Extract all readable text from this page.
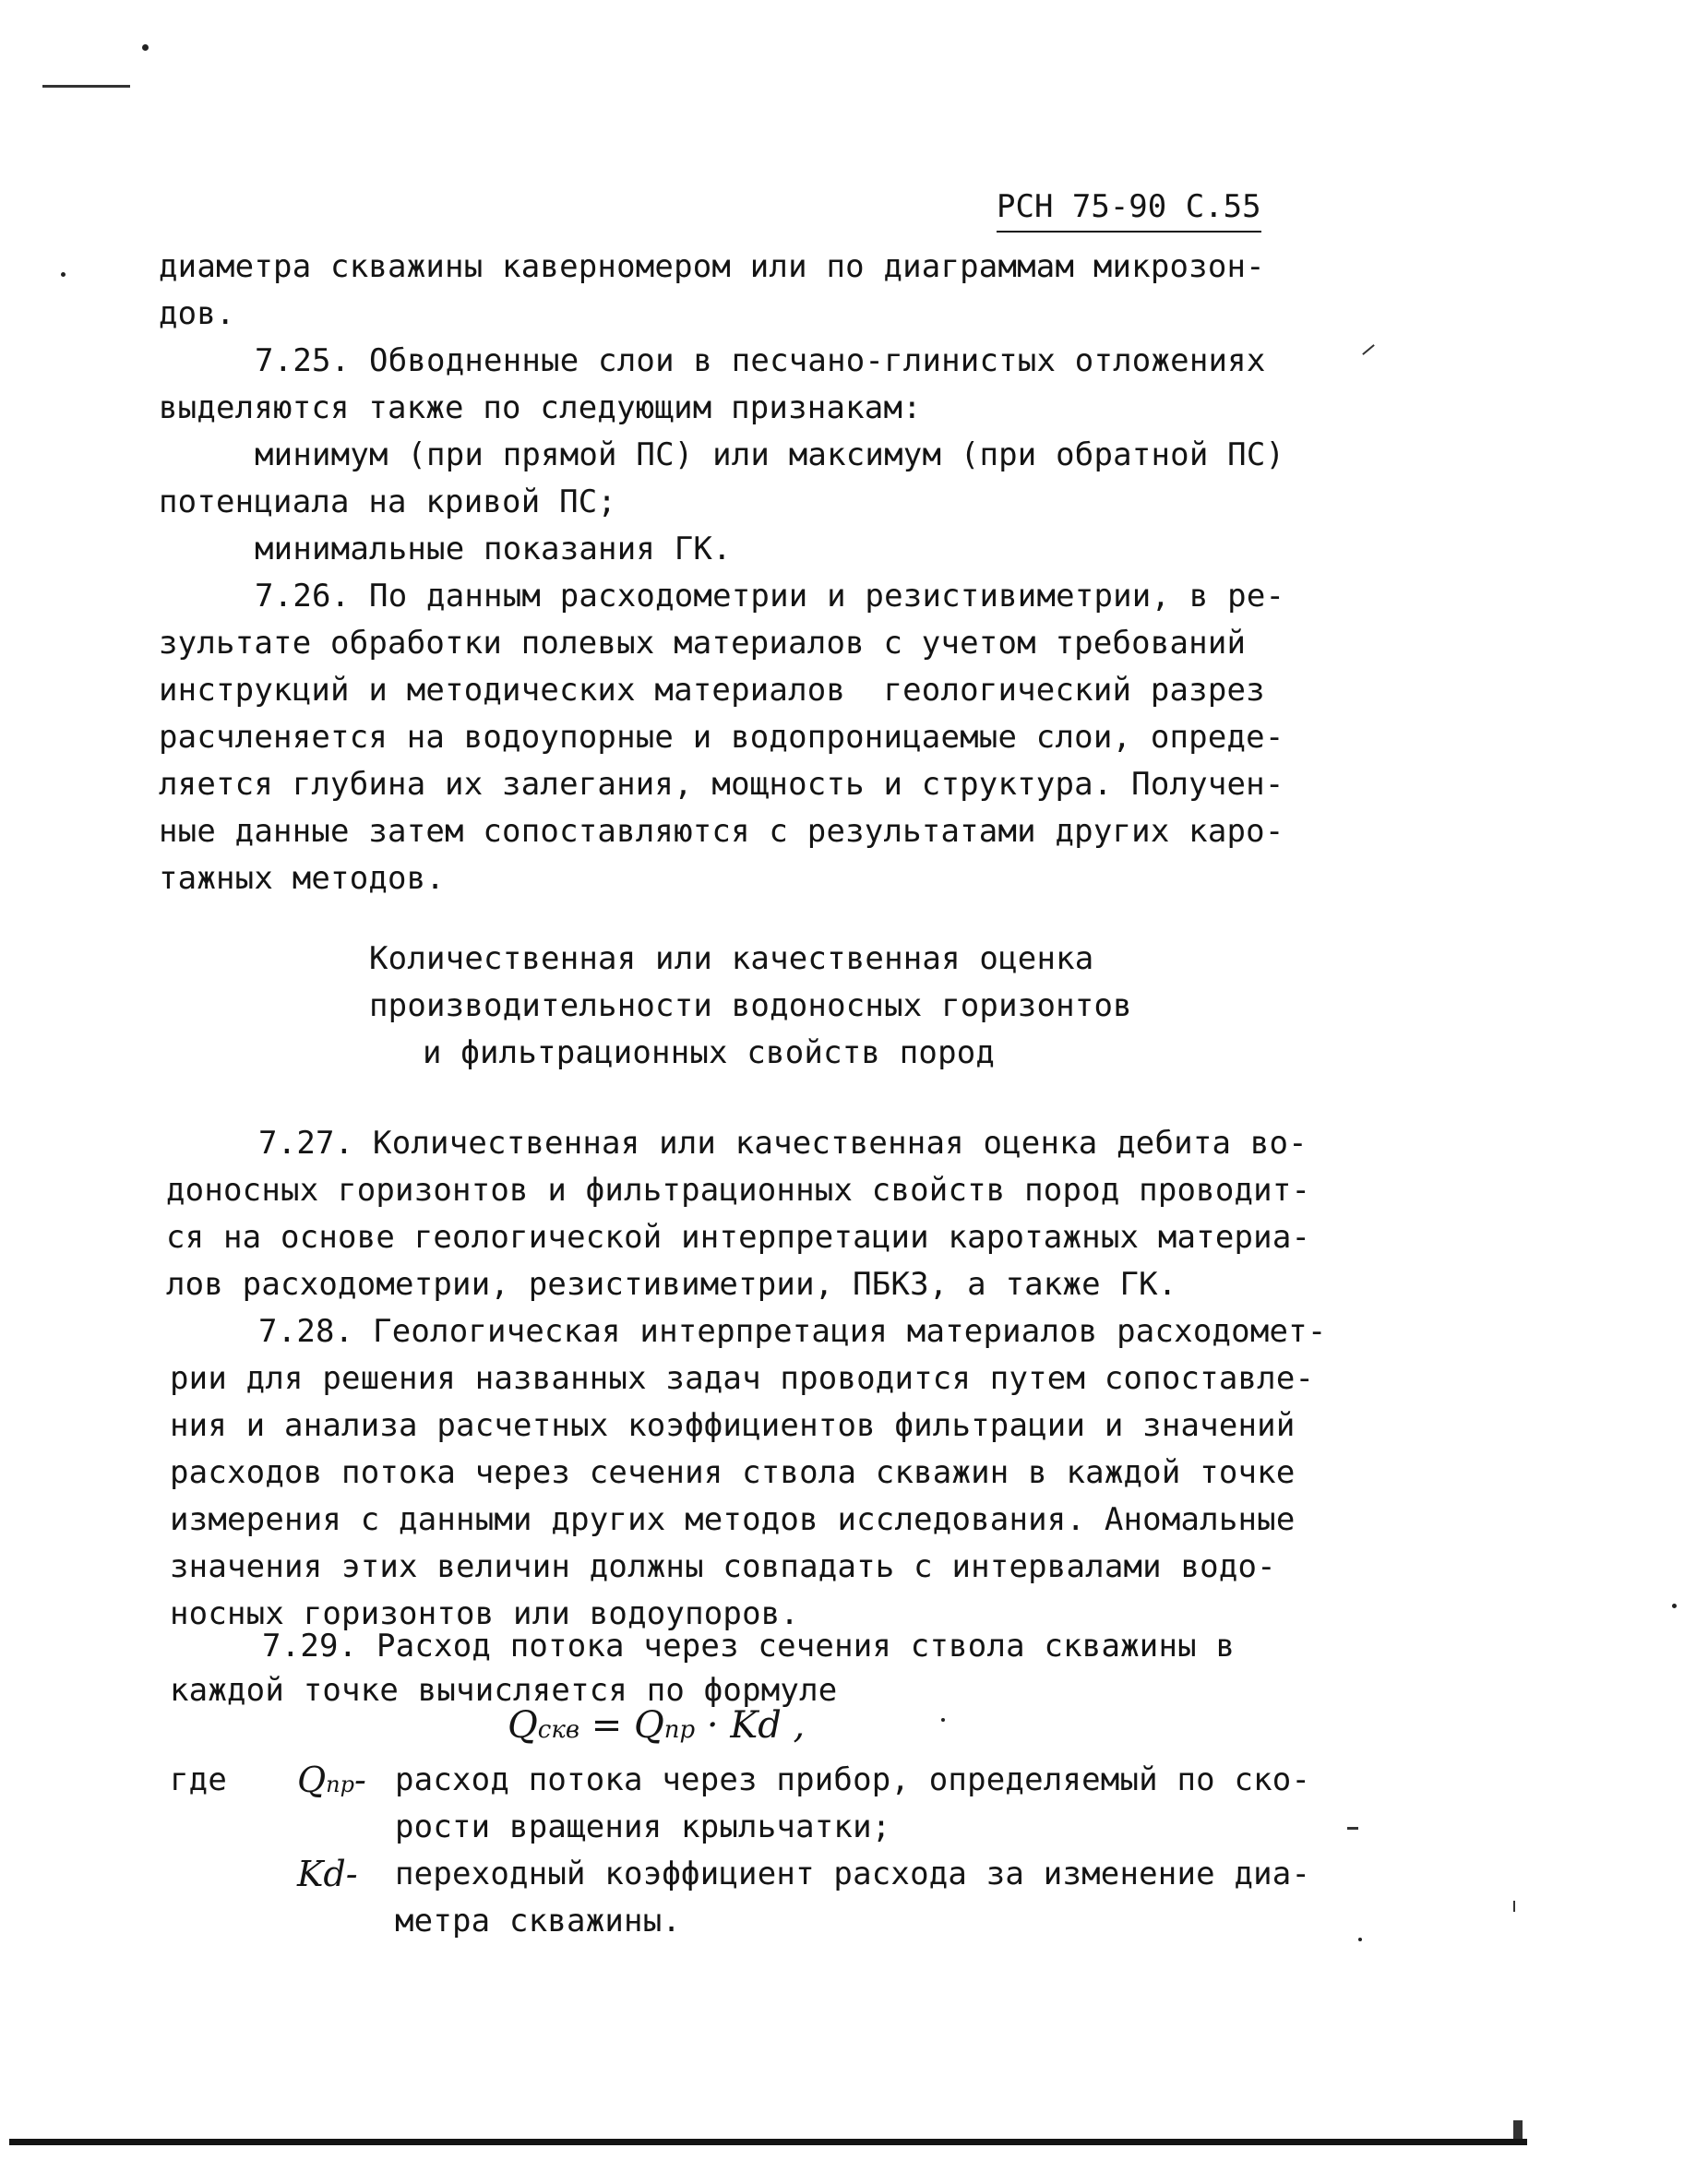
РСН 75-90 С.55
диаметра скважины каверномером или по диаграммам микрозон-
дов.
7.25. Обводненные слои в песчано-глинистых отложениях
выделяются также по следующим признакам:
минимум (при прямой ПС) или максимум (при обратной ПС)
потенциала на кривой ПС;
минимальные показания ГК.
7.26. По данным расходометрии и резистивиметрии, в ре-
зультате обработки полевых материалов с учетом требований
инструкций и методических материалов  геологический разрез
расчленяется на водоупорные и водопроницаемые слои, опреде-
ляется глубина их залегания, мощность и структура. Получен-
ные данные затем сопоставляются с результатами других каро-
тажных методов.
Количественная или качественная оценка
производительности водоносных горизонтов
и фильтрационных свойств пород
7.27. Количественная или качественная оценка дебита во-
доносных горизонтов и фильтрационных свойств пород проводит-
ся на основе геологической интерпретации каротажных материа-
лов расходометрии, резистивиметрии, ПБКЗ, а также ГК.
7.28. Геологическая интерпретация материалов расходомет-
рии для решения названных задач проводится путем сопоставле-
ния и анализа расчетных коэффициентов фильтрации и значений
расходов потока через сечения ствола скважин в каждой точке
измерения с данными других методов исследования. Аномальные
значения этих величин должны совпадать с интервалами водо-
носных горизонтов или водоупоров.
7.29. Расход потока через сечения ствола скважины в
каждой точке вычисляется по формуле
Qскв = Qпр · Kd ,
где Qпр- расход потока через прибор, определяемый по ско-
рости вращения крыльчатки;
Kd- переходный коэффициент расхода за изменение диа-
метра скважины.
